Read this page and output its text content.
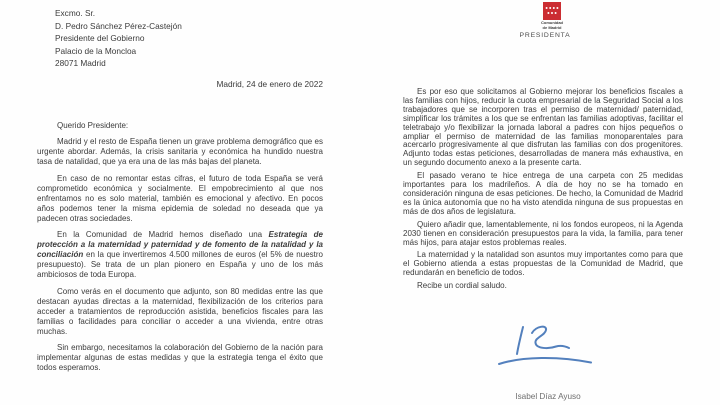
Excmo. Sr.
D. Pedro Sánchez Pérez-Castejón
Presidente del Gobierno
Palacio de la Moncloa
28071 Madrid
Madrid, 24 de enero de 2022

Querido Presidente:

Madrid y el resto de España tienen un grave problema demográfico que es urgente abordar. Además, la crisis sanitaria y económica ha hundido nuestra tasa de natalidad, que ya era una de las más bajas del planeta.

En caso de no remontar estas cifras, el futuro de toda España se verá comprometido económica y socialmente. El empobrecimiento al que nos enfrentamos no es solo material, también es emocional y afectivo. En pocos años podemos tener la misma epidemia de soledad no deseada que ya padecen otras sociedades.

En la Comunidad de Madrid hemos diseñado una Estrategia de protección a la maternidad y paternidad y de fomento de la natalidad y la conciliación en la que invertiremos 4.500 millones de euros (el 5% de nuestro presupuesto). Se trata de un plan pionero en España y uno de los más ambiciosos de toda Europa.

Como verás en el documento que adjunto, son 80 medidas entre las que destacan ayudas directas a la maternidad, flexibilización de los criterios para acceder a tratamientos de reproducción asistida, beneficios fiscales para las familias o facilidades para conciliar o acceder a una vivienda, entre otras muchas.

Sin embargo, necesitamos la colaboración del Gobierno de la nación para implementar algunas de estas medidas y que la estrategia tenga el éxito que todos esperamos.

Comunidad
de Madrid
PRESIDENTA

Es por eso que solicitamos al Gobierno mejorar los beneficios fiscales a las familias con hijos, reducir la cuota empresarial de la Seguridad Social a los trabajadores que se incorporen tras el permiso de maternidad/ paternidad, simplificar los trámites a los que se enfrentan las familias adoptivas, facilitar el teletrabajo y/o flexibilizar la jornada laboral a padres con hijos pequeños o ampliar el permiso de maternidad de las familias monoparentales para acercarlo progresivamente al que disfrutan las familias con dos progenitores. Adjunto todas estas peticiones, desarrolladas de manera más exhaustiva, en un segundo documento anexo a la presente carta.

El pasado verano te hice entrega de una carpeta con 25 medidas importantes para los madrileños. A día de hoy no se ha tomado en consideración ninguna de esas peticiones. De hecho, la Comunidad de Madrid es la única autonomía que no ha visto atendida ninguna de sus propuestas en más de dos años de legislatura.

Quiero añadir que, lamentablemente, ni los fondos europeos, ni la Agenda 2030 tienen en consideración presupuestos para la vida, la familia, para tener más hijos, para atajar estos problemas reales.

La maternidad y la natalidad son asuntos muy importantes como para que el Gobierno atienda a estas propuestas de la Comunidad de Madrid, que redundarán en beneficio de todos.

Recibe un cordial saludo.

Isabel Díaz Ayuso
